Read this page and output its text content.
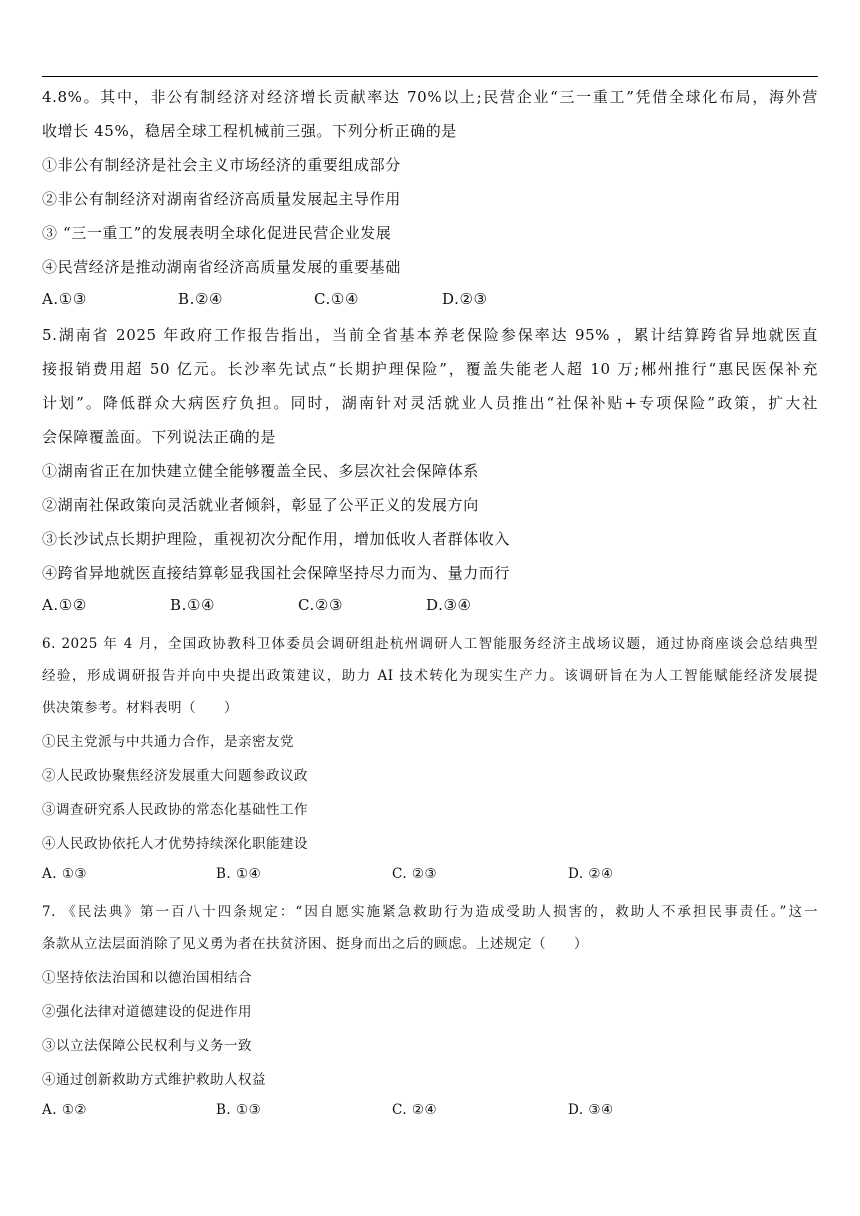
4.8%。其中，非公有制经济对经济增长贡献率达 70%以上;民营企业“三一重工”凭借全球化布局，海外营
收增长 45%，稳居全球工程机械前三强。下列分析正确的是
①非公有制经济是社会主义市场经济的重要组成部分
②非公有制经济对湖南省经济高质量发展起主导作用
③ “三一重工”的发展表明全球化促进民营企业发展
④民营经济是推动湖南省经济高质量发展的重要基础
A.①③	B.②④	C.①④	D.②③
5.湖南省 2025 年政府工作报告指出，当前全省基本养老保险参保率达 95% ，累计结算跨省异地就医直
接报销费用超 50 亿元。长沙率先试点“长期护理保险”，覆盖失能老人超 10 万;郴州推行“惠民医保补充
计划”。降低群众大病医疗负担。同时，湖南针对灵活就业人员推出“社保补贴+专项保险”政策，扩大社
会保障覆盖面。下列说法正确的是
①湖南省正在加快建立健全能够覆盖全民、多层次社会保障体系
②湖南社保政策向灵活就业者倾斜，彰显了公平正义的发展方向
③长沙试点长期护理险，重视初次分配作用，增加低收人者群体收入
④跨省异地就医直接结算彰显我国社会保障坚持尽力而为、量力而行
A.①②	B.①④	C.②③	D.③④
6. 2025 年 4 月，全国政协教科卫体委员会调研组赴杭州调研人工智能服务经济主战场议题，通过协商座谈会总结典型
经验，形成调研报告并向中央提出政策建议，助力 AI 技术转化为现实生产力。该调研旨在为人工智能赋能经济发展提
供决策参考。材料表明（　　）
①民主党派与中共通力合作，是亲密友党
②人民政协聚焦经济发展重大问题参政议政
③调查研究系人民政协的常态化基础性工作
④人民政协依托人才优势持续深化职能建设
A. ①③	B. ①④	C. ②③	D. ②④
7. 《民法典》第一百八十四条规定：“因自愿实施紧急救助行为造成受助人损害的，救助人不承担民事责任。”这一
条款从立法层面消除了见义勇为者在扶贫济困、挺身而出之后的顾虑。上述规定（　　）
①坚持依法治国和以德治国相结合
②强化法律对道德建设的促进作用
③以立法保障公民权利与义务一致
④通过创新救助方式维护救助人权益
A. ①②	B. ①③	C. ②④	D. ③④
